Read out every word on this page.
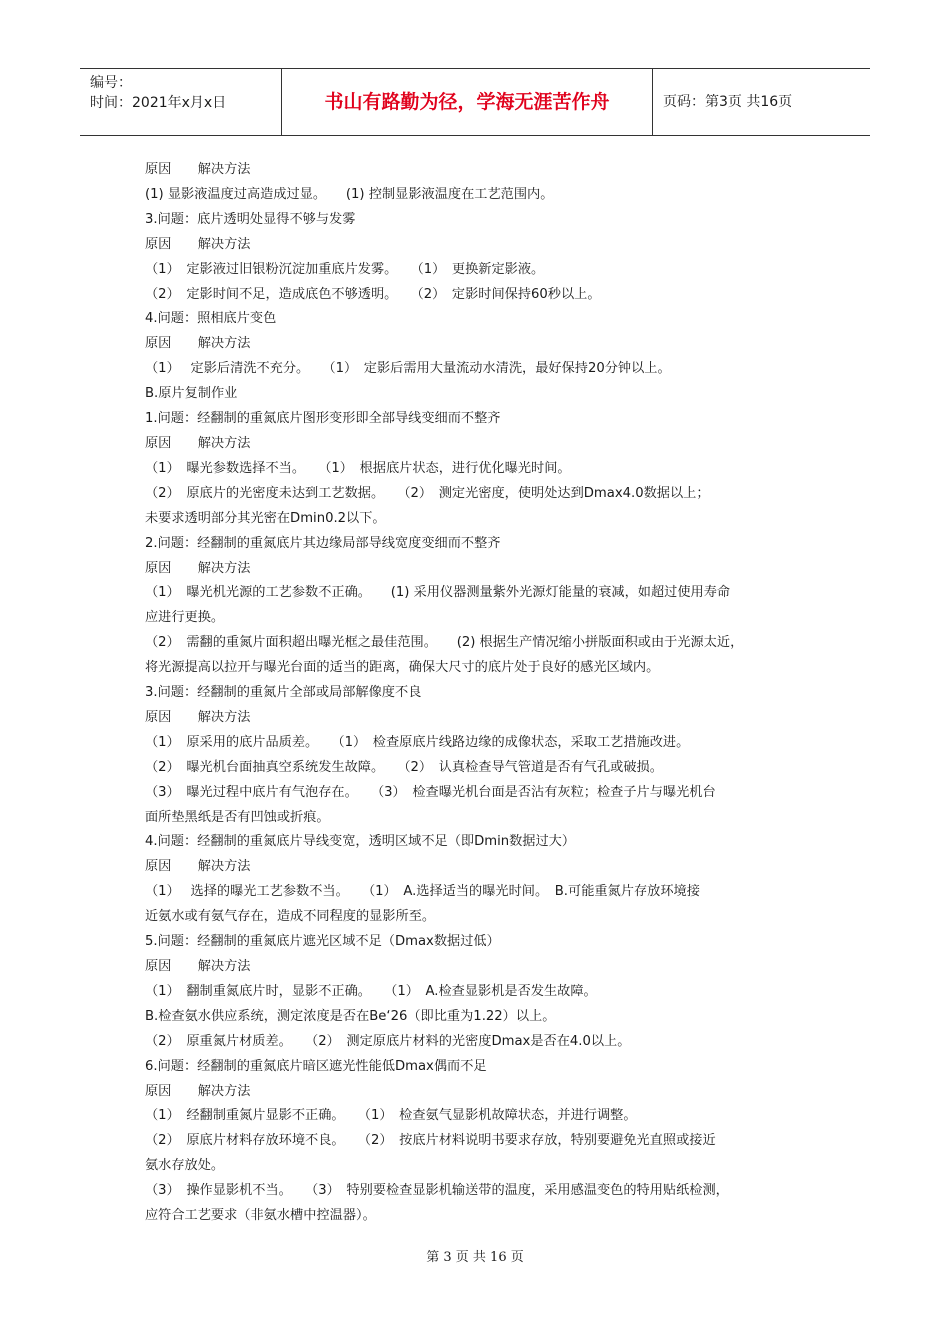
编号：
时间：2021年x月x日	书山有路勤为径，学海无涯苦作舟	页码：第3页 共16页
原因　　解决方法
(1) 显影液温度过高造成过显。　　(1) 控制显影液温度在工艺范围内。
3.问题：底片透明处显得不够与发雾
原因　　解决方法
（1）　定影液过旧银粉沉淀加重底片发雾。　　（1）　更换新定影液。
（2）　定影时间不足，造成底色不够透明。　　（2）　定影时间保持60秒以上。
4.问题：照相底片变色
原因　　解决方法
（1）　 定影后清洗不充分。　　（1）　定影后需用大量流动水清洗，最好保持20分钟以上。
B.原片复制作业
1.问题：经翻制的重氮底片图形变形即全部导线变细而不整齐
原因　　解决方法
（1）　曝光参数选择不当。　　（1）　根据底片状态，进行优化曝光时间。
（2）　原底片的光密度未达到工艺数据。　　（2）　测定光密度，使明处达到Dmax4.0数据以上；
未要求透明部分其光密在Dmin0.2以下。
2.问题：经翻制的重氮底片其边缘局部导线宽度变细而不整齐
原因　　解决方法
（1）　曝光机光源的工艺参数不正确。　　(1) 采用仪器测量紫外光源灯能量的衰减，如超过使用寿命
应进行更换。
（2）　需翻的重氮片面积超出曝光框之最佳范围。　　(2) 根据生产情况缩小拼版面积或由于光源太近，
将光源提高以拉开与曝光台面的适当的距离，确保大尺寸的底片处于良好的感光区域内。
3.问题：经翻制的重氮片全部或局部解像度不良
原因　　解决方法
（1）　原采用的底片品质差。　　（1）　检查原底片线路边缘的成像状态，采取工艺措施改进。
（2）　曝光机台面抽真空系统发生故障。　　（2）　认真检查导气管道是否有气孔或破损。
（3）　曝光过程中底片有气泡存在。　　（3）　检查曝光机台面是否沾有灰粒；检查子片与曝光机台
面所垫黑纸是否有凹蚀或折痕。
4.问题：经翻制的重氮底片导线变宽，透明区域不足（即Dmin数据过大）
原因　　解决方法
（1）　 选择的曝光工艺参数不当。　　（1）　A.选择适当的曝光时间。　B.可能重氮片存放环境接
近氨水或有氨气存在，造成不同程度的显影所至。
5.问题：经翻制的重氮底片遮光区域不足（Dmax数据过低）
原因　　解决方法
（1）　翻制重氮底片时，显影不正确。　　（1）　A.检查显影机是否发生故障。
B.检查氨水供应系统，测定浓度是否在Be‘26（即比重为1.22）以上。
（2）　原重氮片材质差。　　（2）　测定原底片材料的光密度Dmax是否在4.0以上。
6.问题：经翻制的重氮底片暗区遮光性能低Dmax偶而不足
原因　　解决方法
（1）　经翻制重氮片显影不正确。　　（1）　检查氨气显影机故障状态，并进行调整。
（2）　原底片材料存放环境不良。　　（2）　按底片材料说明书要求存放，特别要避免光直照或接近
氨水存放处。
（3）　操作显影机不当。　　（3）　特别要检查显影机输送带的温度，采用感温变色的特用贴纸检测，
应符合工艺要求（非氨水槽中控温器）。
第 3 页 共 16 页
